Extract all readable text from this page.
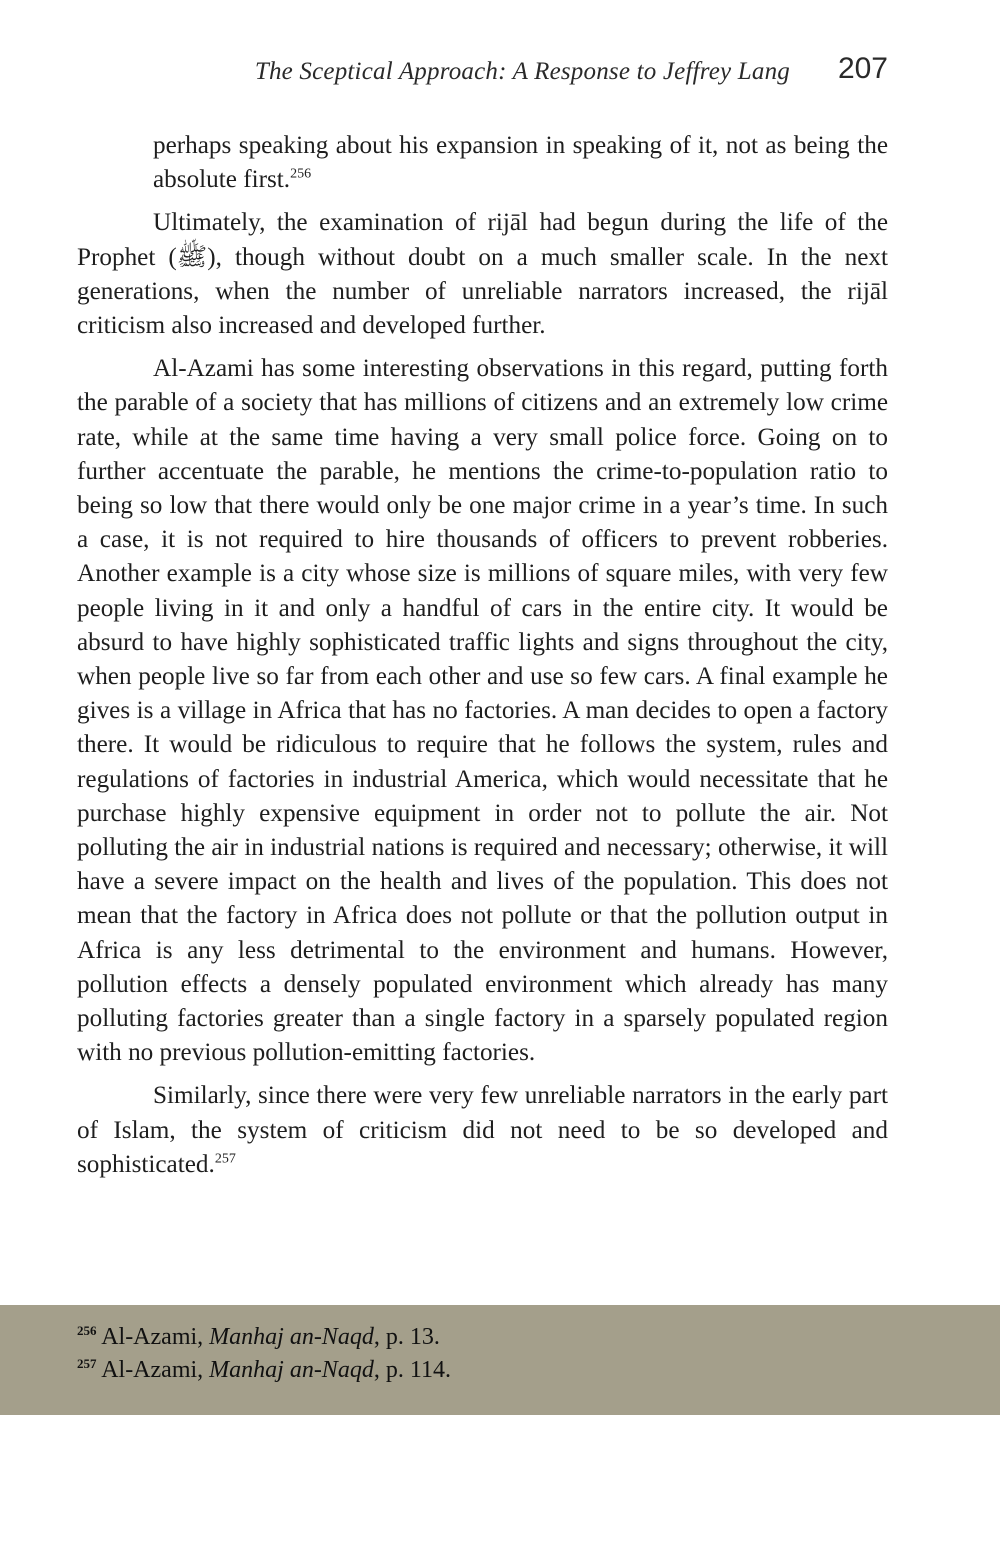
The Sceptical Approach: A Response to Jeffrey Lang 207

perhaps speaking about his expansion in speaking of it, not as being the absolute first.$^{256}$

Ultimately, the examination of rijāl had begun during the life of the Prophet (ﷺ), though without doubt on a much smaller scale. In the next generations, when the number of unreliable narrators increased, the rijāl criticism also increased and developed further.

Al-Azami has some interesting observations in this regard, putting forth the parable of a society that has millions of citizens and an extremely low crime rate, while at the same time having a very small police force. Going on to further accentuate the parable, he mentions the crime-to-population ratio to being so low that there would only be one major crime in a year’s time. In such a case, it is not required to hire thousands of officers to prevent robberies. Another example is a city whose size is millions of square miles, with very few people living in it and only a handful of cars in the entire city. It would be absurd to have highly sophisticated traffic lights and signs throughout the city, when people live so far from each other and use so few cars. A final example he gives is a village in Africa that has no factories. A man decides to open a factory there. It would be ridiculous to require that he follows the system, rules and regulations of factories in industrial America, which would necessitate that he purchase highly expensive equipment in order not to pollute the air. Not polluting the air in industrial nations is required and necessary; otherwise, it will have a severe impact on the health and lives of the population. This does not mean that the factory in Africa does not pollute or that the pollution output in Africa is any less detrimental to the environment and humans. However, pollution effects a densely populated environment which already has many polluting factories greater than a single factory in a sparsely populated region with no previous pollution-emitting factories.

Similarly, since there were very few unreliable narrators in the early part of Islam, the system of criticism did not need to be so developed and sophisticated.$^{257}$

$^{256}$ Al-Azami, Manhaj an-Naqd, p. 13.
$^{257}$ Al-Azami, Manhaj an-Naqd, p. 114.
